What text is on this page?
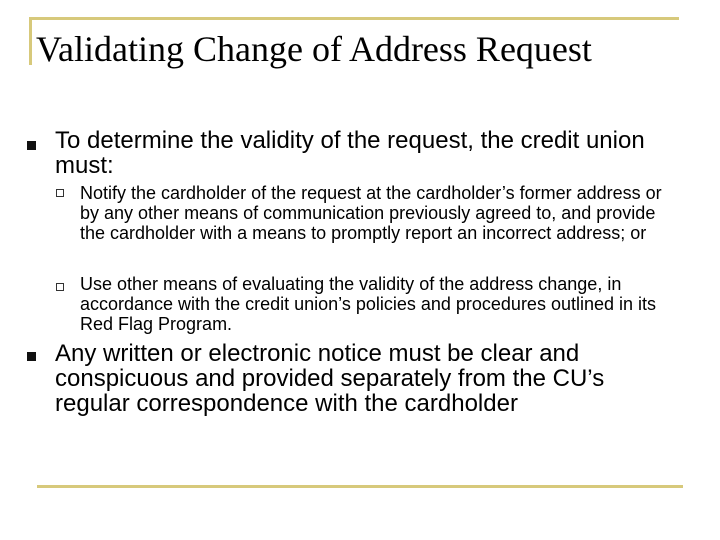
Validating Change of Address Request
To determine the validity of the request, the credit union must:
Notify the cardholder of the request at the cardholder’s former address or by any other means of communication previously agreed to, and provide the cardholder with a means to promptly report an incorrect address; or
Use other means of evaluating the validity of the address change, in accordance with the credit union’s policies and procedures outlined in its Red Flag Program.
Any written or electronic notice must be clear and conspicuous and provided separately from the CU’s regular correspondence with the cardholder
